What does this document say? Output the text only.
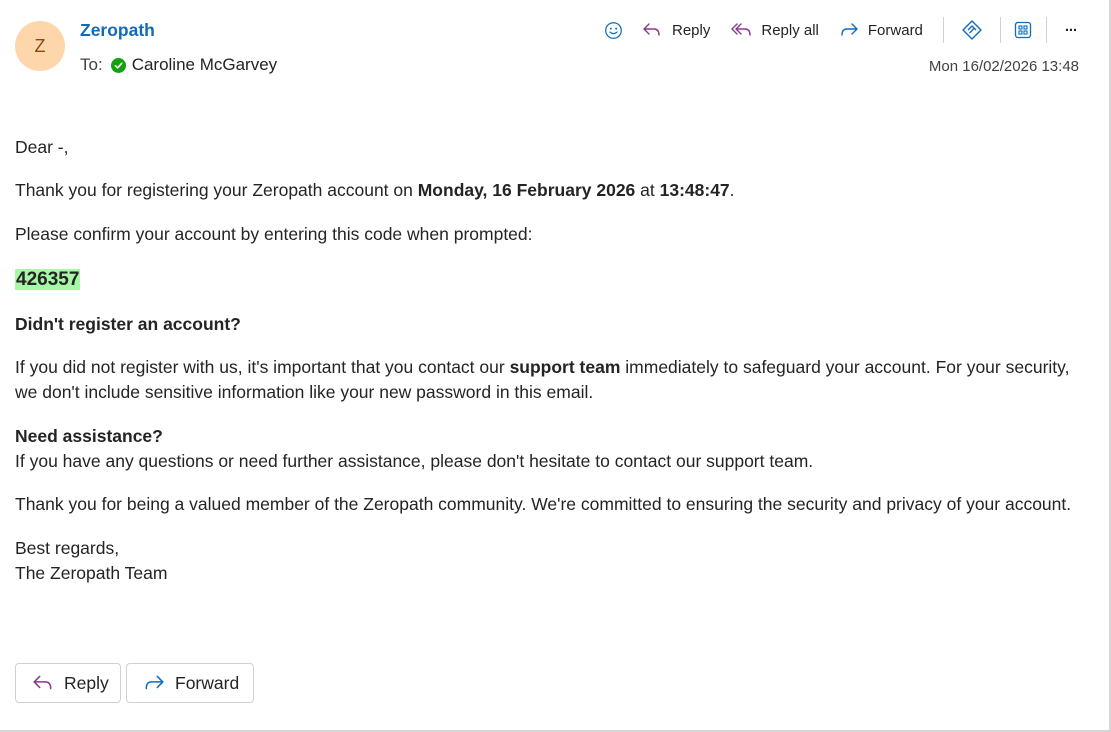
Z
Zeropath
To: Caroline McGarvey
Reply	Reply all	Forward	···
Mon 16/02/2026 13:48

Dear -,

Thank you for registering your Zeropath account on Monday, 16 February 2026 at 13:48:47.

Please confirm your account by entering this code when prompted:

426357

Didn't register an account?

If you did not register with us, it's important that you contact our support team immediately to safeguard your account. For your security, we don't include sensitive information like your new password in this email.

Need assistance?

If you have any questions or need further assistance, please don't hesitate to contact our support team.

Thank you for being a valued member of the Zeropath community. We're committed to ensuring the security and privacy of your account.

Best regards,

The Zeropath Team

Reply	Forward
